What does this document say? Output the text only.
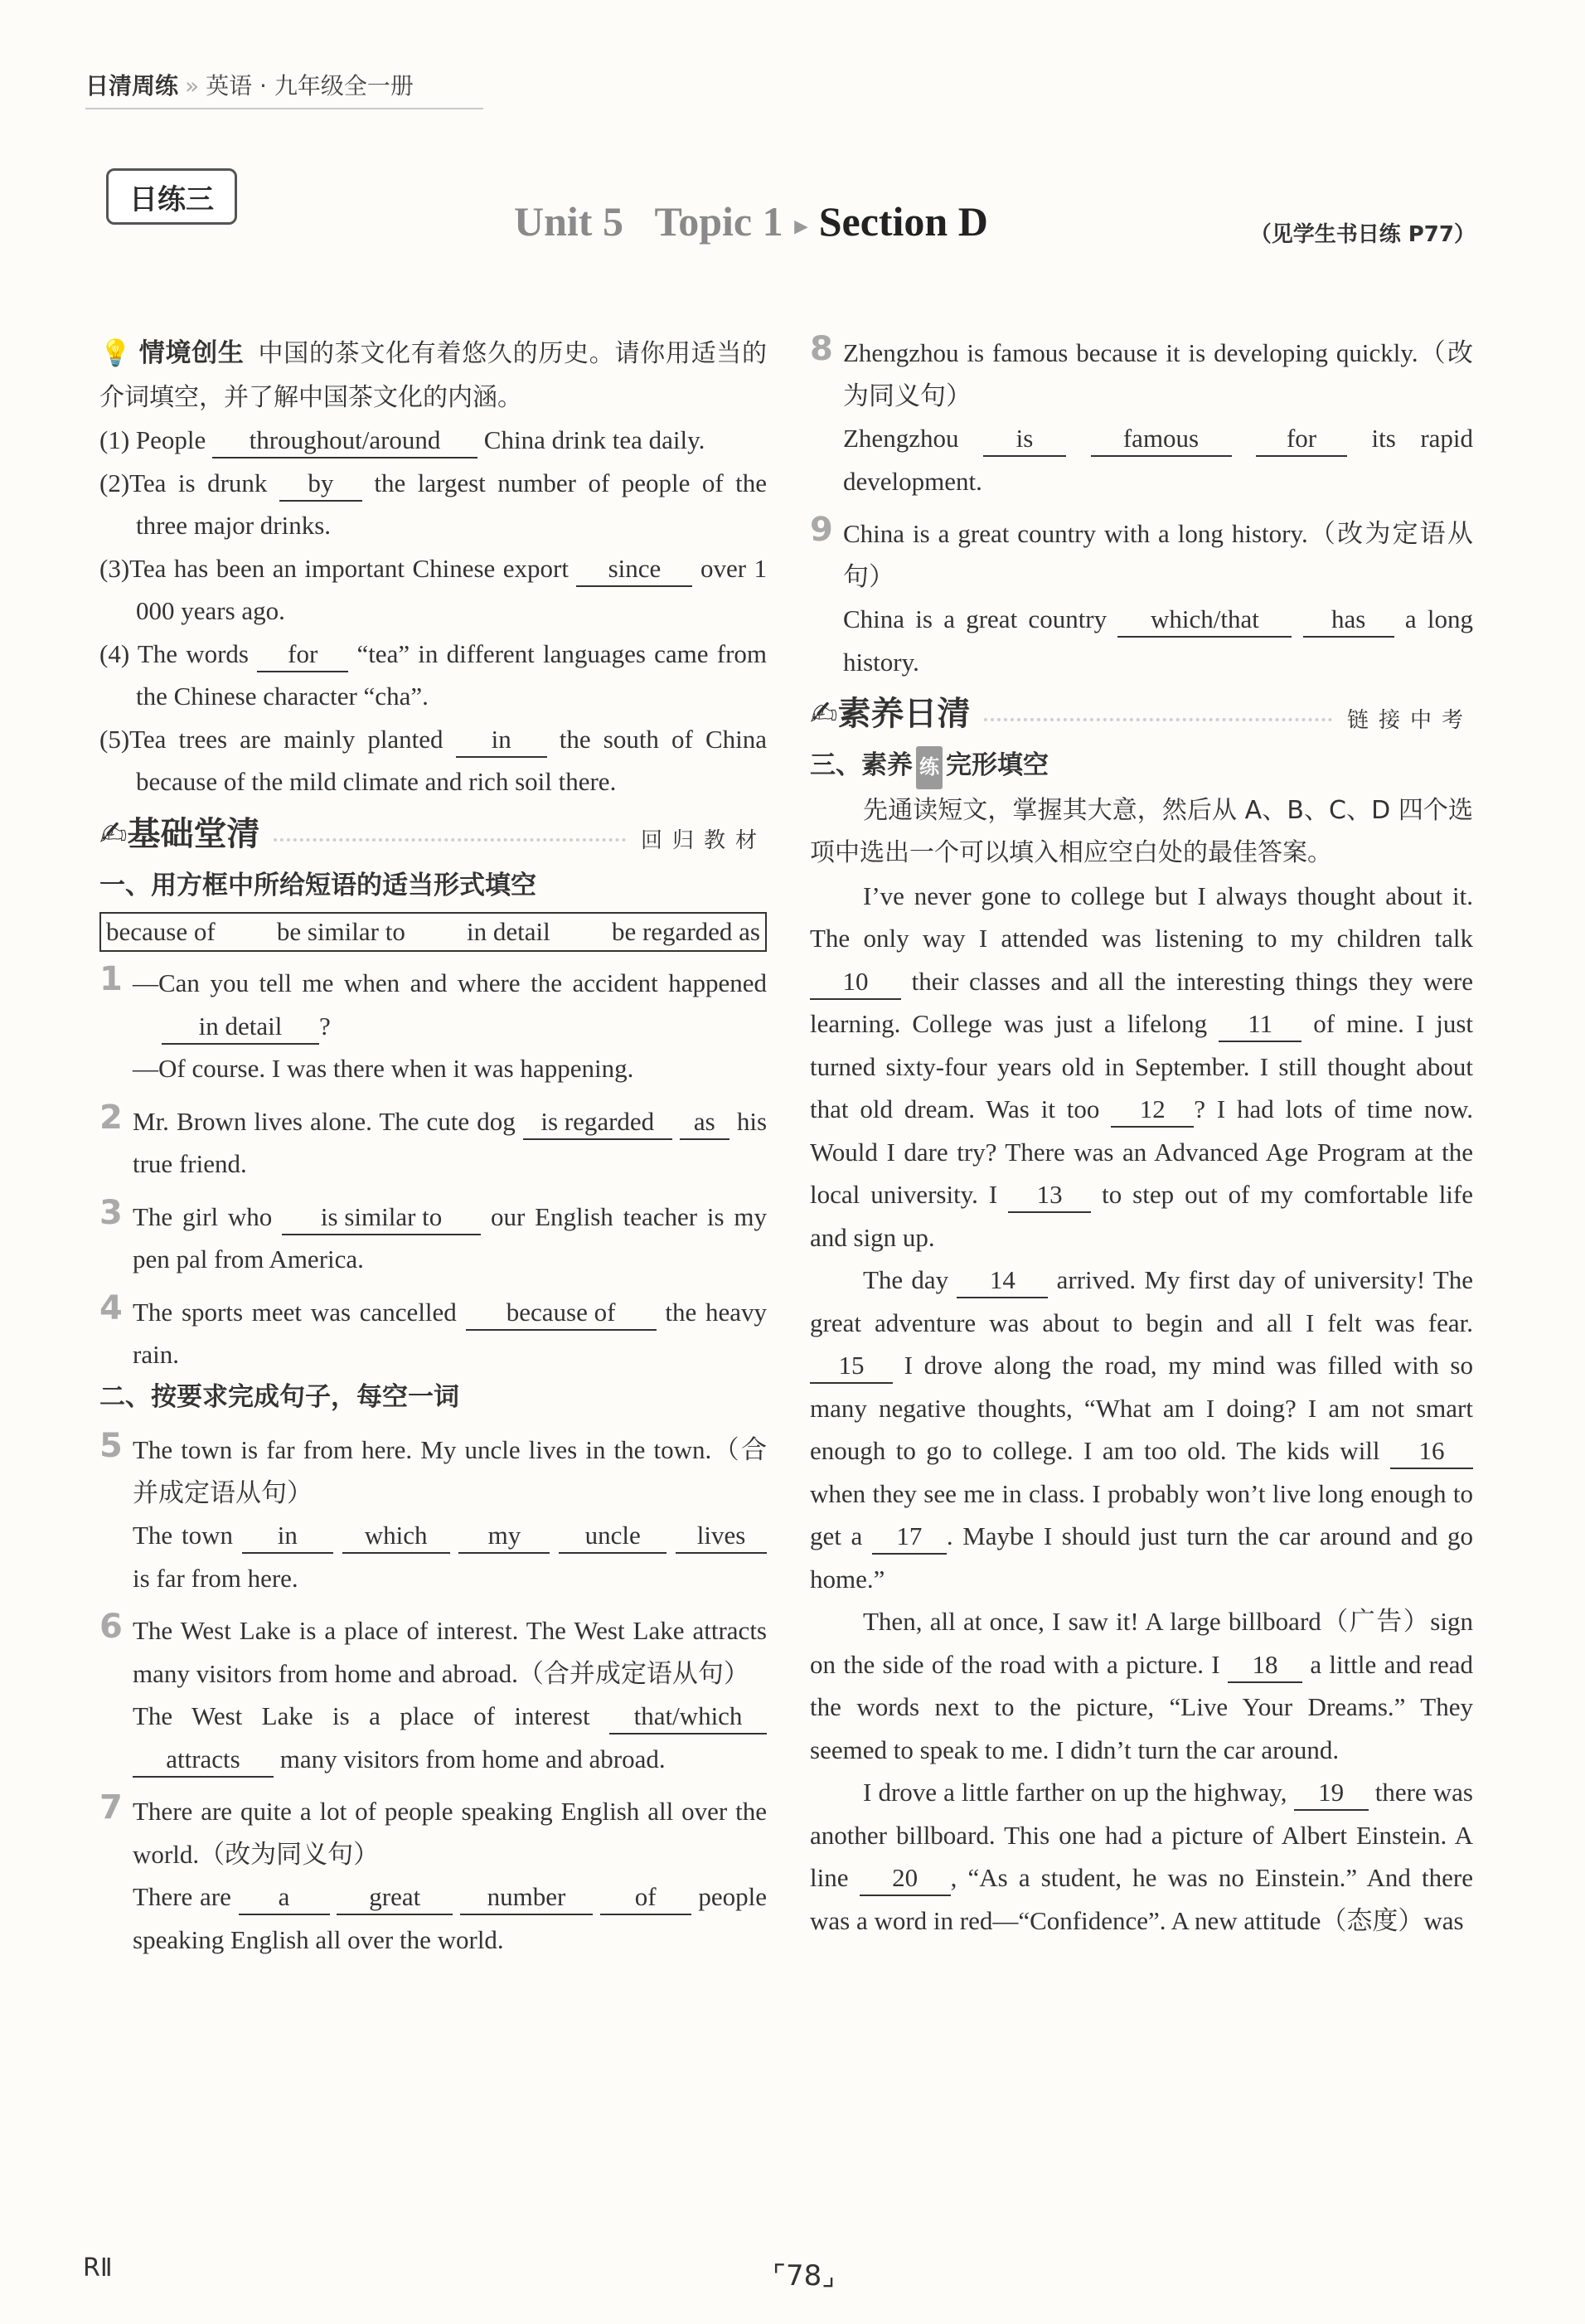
日清周练 » 英语 · 九年级全一册
日练三	Unit 5 Topic 1 ▸ Section D	（见学生书日练 P77）

💡 情境创生 中国的茶文化有着悠久的历史。请你用适当的介词填空，并了解中国茶文化的内涵。

(1) People throughout/around China drink tea daily.

(2)Tea is drunk by the largest number of people of the three major drinks.

(3)Tea has been an important Chinese export since over 1 000 years ago.

(4) The words for “tea” in different languages came from the Chinese character “cha”.

(5)Tea trees are mainly planted in the south of China because of the mild climate and rich soil there.

✍基础堂清	回归教材

一、用方框中所给短语的适当形式填空

because of be similar to in detail be regarded as
1 —Can you tell me when and where the accident happened in detail ?

—Of course. I was there when it was happening.

2 Mr. Brown lives alone. The cute dog is regarded as his true friend.

3 The girl who is similar to our English teacher is my pen pal from America.

4 The sports meet was cancelled because of the heavy rain.

二、按要求完成句子，每空一词

5 The town is far from here. My uncle lives in the town.（合并成定语从句）

The town in	which my uncle lives is far from here.

6 The West Lake is a place of interest. The West Lake attracts many visitors from home and abroad.（合并成定语从句）

The West Lake is a place of interest that/which attracts many visitors from home and abroad.

7 There are quite a lot of people speaking English all over the world.（改为同义句）

There are a	great	number	of people speaking English all over the world.

8 Zhengzhou is famous because it is developing quickly.（改为同义句）

Zhengzhou is	famous	for its rapid development.

9 China is a great country with a long history.（改为定语从句）

China is a great country which/that	has a long history.

✍素养日清	链接中考

三、素养 练 完形填空

先通读短文，掌握其大意，然后从 A、B、C、D 四个选项中选出一个可以填入相应空白处的最佳答案。

I’ve never gone to college but I always thought about it. The only way I attended was listening to my children talk 10 their classes and all the interesting things they were learning. College was just a lifelong 11 of mine. I just turned sixty-four years old in September. I still thought about that old dream. Was it too 12 ? I had lots of time now. Would I dare try? There was an Advanced Age Program at the local university. I 13 to step out of my comfortable life and sign up.

The day 14 arrived. My first day of university! The great adventure was about to begin and all I felt was fear. 15 I drove along the road, my mind was filled with so many negative thoughts, “What am I doing? I am not smart enough to go to college. I am too old. The kids will 16 when they see me in class. I probably won’t live long enough to get a 17 . Maybe I should just turn the car around and go home.”

Then, all at once, I saw it! A large billboard（广告）sign on the side of the road with a picture. I 18 a little and read the words next to the picture, “Live Your Dreams.” They seemed to speak to me. I didn’t turn the car around.

I drove a little farther on up the highway, 19 there was another billboard. This one had a picture of Albert Einstein. A line 20 , “As a student, he was no Einstein.” And there was a word in red—“Confidence”. A new attitude（态度）was

RⅡ	⌜78⌟
